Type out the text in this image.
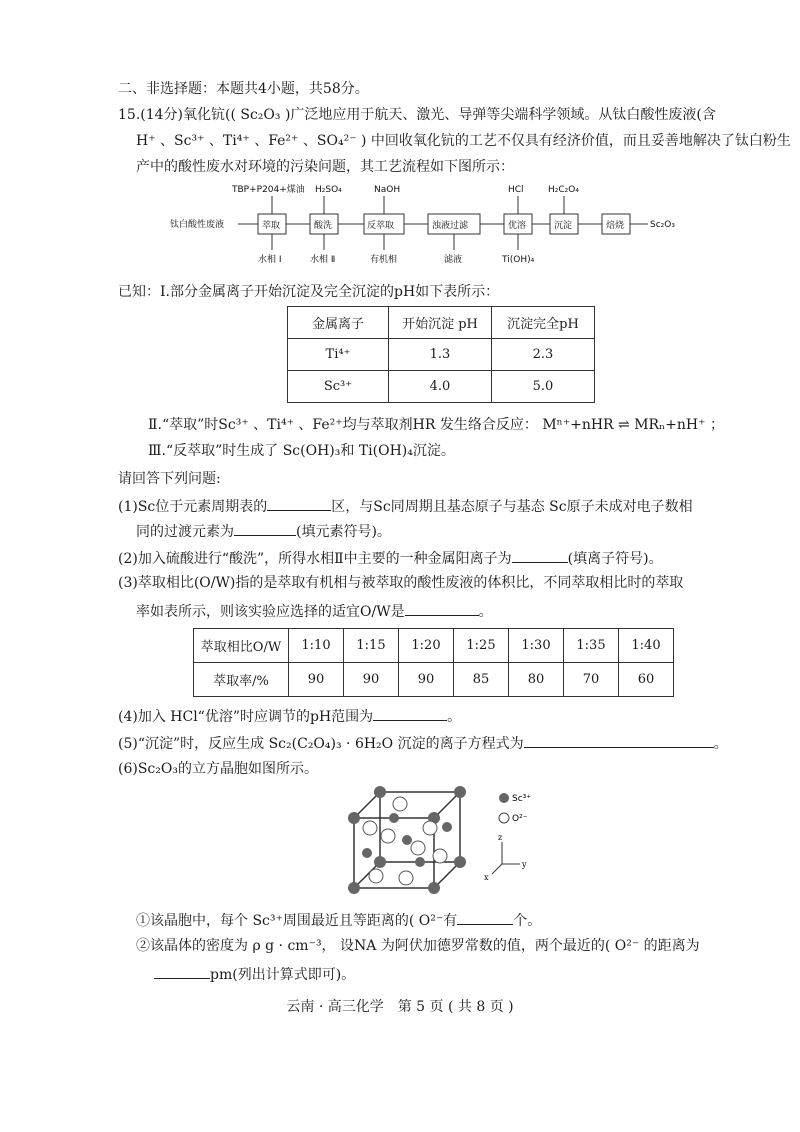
二、非选择题：本题共4小题，共58分。
15.(14分)氧化钪(( Sc₂O₃ )广泛地应用于航天、激光、导弹等尖端科学领域。从钛白酸性废液(含
H⁺ 、Sc³⁺ 、Ti⁴⁺ 、Fe²⁺ 、SO₄²⁻ ) 中回收氧化钪的工艺不仅具有经济价值，而且妥善地解决了钛白粉生
产中的酸性废水对环境的污染问题，其工艺流程如下图所示：
钛白酸性废液	萃取	酸洗	反萃取	浊液过滤	优溶	沉淀	焙烧	Sc₂O₃
TBP+P204+煤油 H₂SO₄	NaOH	HCl	H₂C₂O₄
水相 Ⅰ	水相 Ⅱ	有机相	滤液	Ti(OH)₄
已知：Ⅰ.部分金属离子开始沉淀及完全沉淀的pH如下表所示：
金属离子	开始沉淀 pH	沉淀完全pH
Ti⁴⁺	1.3	2.3
Sc³⁺	4.0	5.0
Ⅱ.“萃取”时Sc³⁺ 、Ti⁴⁺ 、Fe²⁺均与萃取剂HR 发生络合反应： Mⁿ⁺+nHR ⇌ MRₙ+nH⁺ ；
Ⅲ.“反萃取”时生成了 Sc(OH)₃和 Ti(OH)₄沉淀。
请回答下列问题:
(1)Sc位于元素周期表的	区，与Sc同周期且基态原子与基态 Sc原子未成对电子数相
同的过渡元素为	(填元素符号)。
(2)加入硫酸进行“酸洗”，所得水相Ⅱ中主要的一种金属阳离子为	(填离子符号)。
(3)萃取相比(O/W)指的是萃取有机相与被萃取的酸性废液的体积比，不同萃取相比时的萃取
率如表所示，则该实验应选择的适宜O/W是	。
萃取相比O/W	1:10	1:15	1:20	1:25	1:30	1:35	1:40
萃取率/%	90	90	90	85	80	70	60
(4)加入 HCl“优溶”时应调节的pH范围为	。
(5)“沉淀”时，反应生成 Sc₂(C₂O₄)₃ · 6H₂O 沉淀的离子方程式为	。
(6)Sc₂O₃的立方晶胞如图所示。
Sc³⁺
O²⁻
z
y
x
①该晶胞中，每个 Sc³⁺周围最近且等距离的( O²⁻有	个。
②该晶体的密度为 ρ g · cm⁻³， 设NA 为阿伏加德罗常数的值，两个最近的( O²⁻ 的距离为
pm(列出计算式即可)。
云南 · 高三化学　第 5 页 ( 共 8 页 )
